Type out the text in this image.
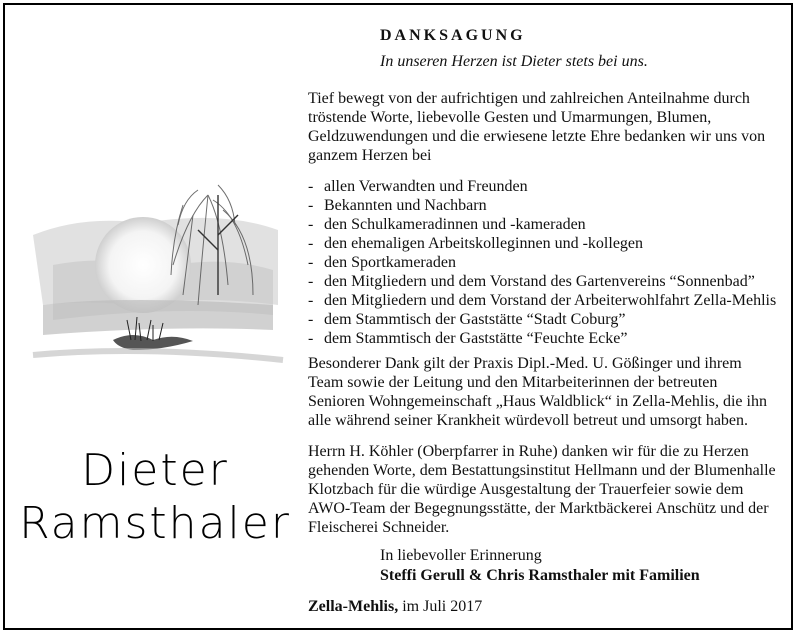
Dieter
Ramsthaler
DANKSAGUNG
In unseren Herzen ist Dieter stets bei uns.
Tief bewegt von der aufrichtigen und zahlreichen Anteilnahme durch tröstende Worte, liebevolle Gesten und Umarmungen, Blumen, Geldzuwendungen und die erwiesene letzte Ehre bedanken wir uns von ganzem Herzen bei
- allen Verwandten und Freunden
- Bekannten und Nachbarn
- den Schulkameradinnen und -kameraden
- den ehemaligen Arbeitskolleginnen und -kollegen
- den Sportkameraden
- den Mitgliedern und dem Vorstand des Gartenvereins “Sonnenbad”
- den Mitgliedern und dem Vorstand der Arbeiterwohlfahrt Zella-Mehlis
- dem Stammtisch der Gaststätte “Stadt Coburg”
- dem Stammtisch der Gaststätte “Feuchte Ecke”
Besonderer Dank gilt der Praxis Dipl.-Med. U. Gößinger und ihrem Team sowie der Leitung und den Mitarbeiterinnen der betreuten Senioren Wohngemeinschaft „Haus Waldblick“ in Zella-Mehlis, die ihn alle während seiner Krankheit würdevoll betreut und umsorgt haben.
Herrn H. Köhler (Oberpfarrer in Ruhe) danken wir für die zu Herzen gehenden Worte, dem Bestattungsinstitut Hellmann und der Blumenhalle Klotzbach für die würdige Ausgestaltung der Trauerfeier sowie dem AWO-Team der Begegnungsstätte, der Marktbäckerei Anschütz und der Fleischerei Schneider.
In liebevoller Erinnerung
Steffi Gerull & Chris Ramsthaler mit Familien
Zella-Mehlis, im Juli 2017
